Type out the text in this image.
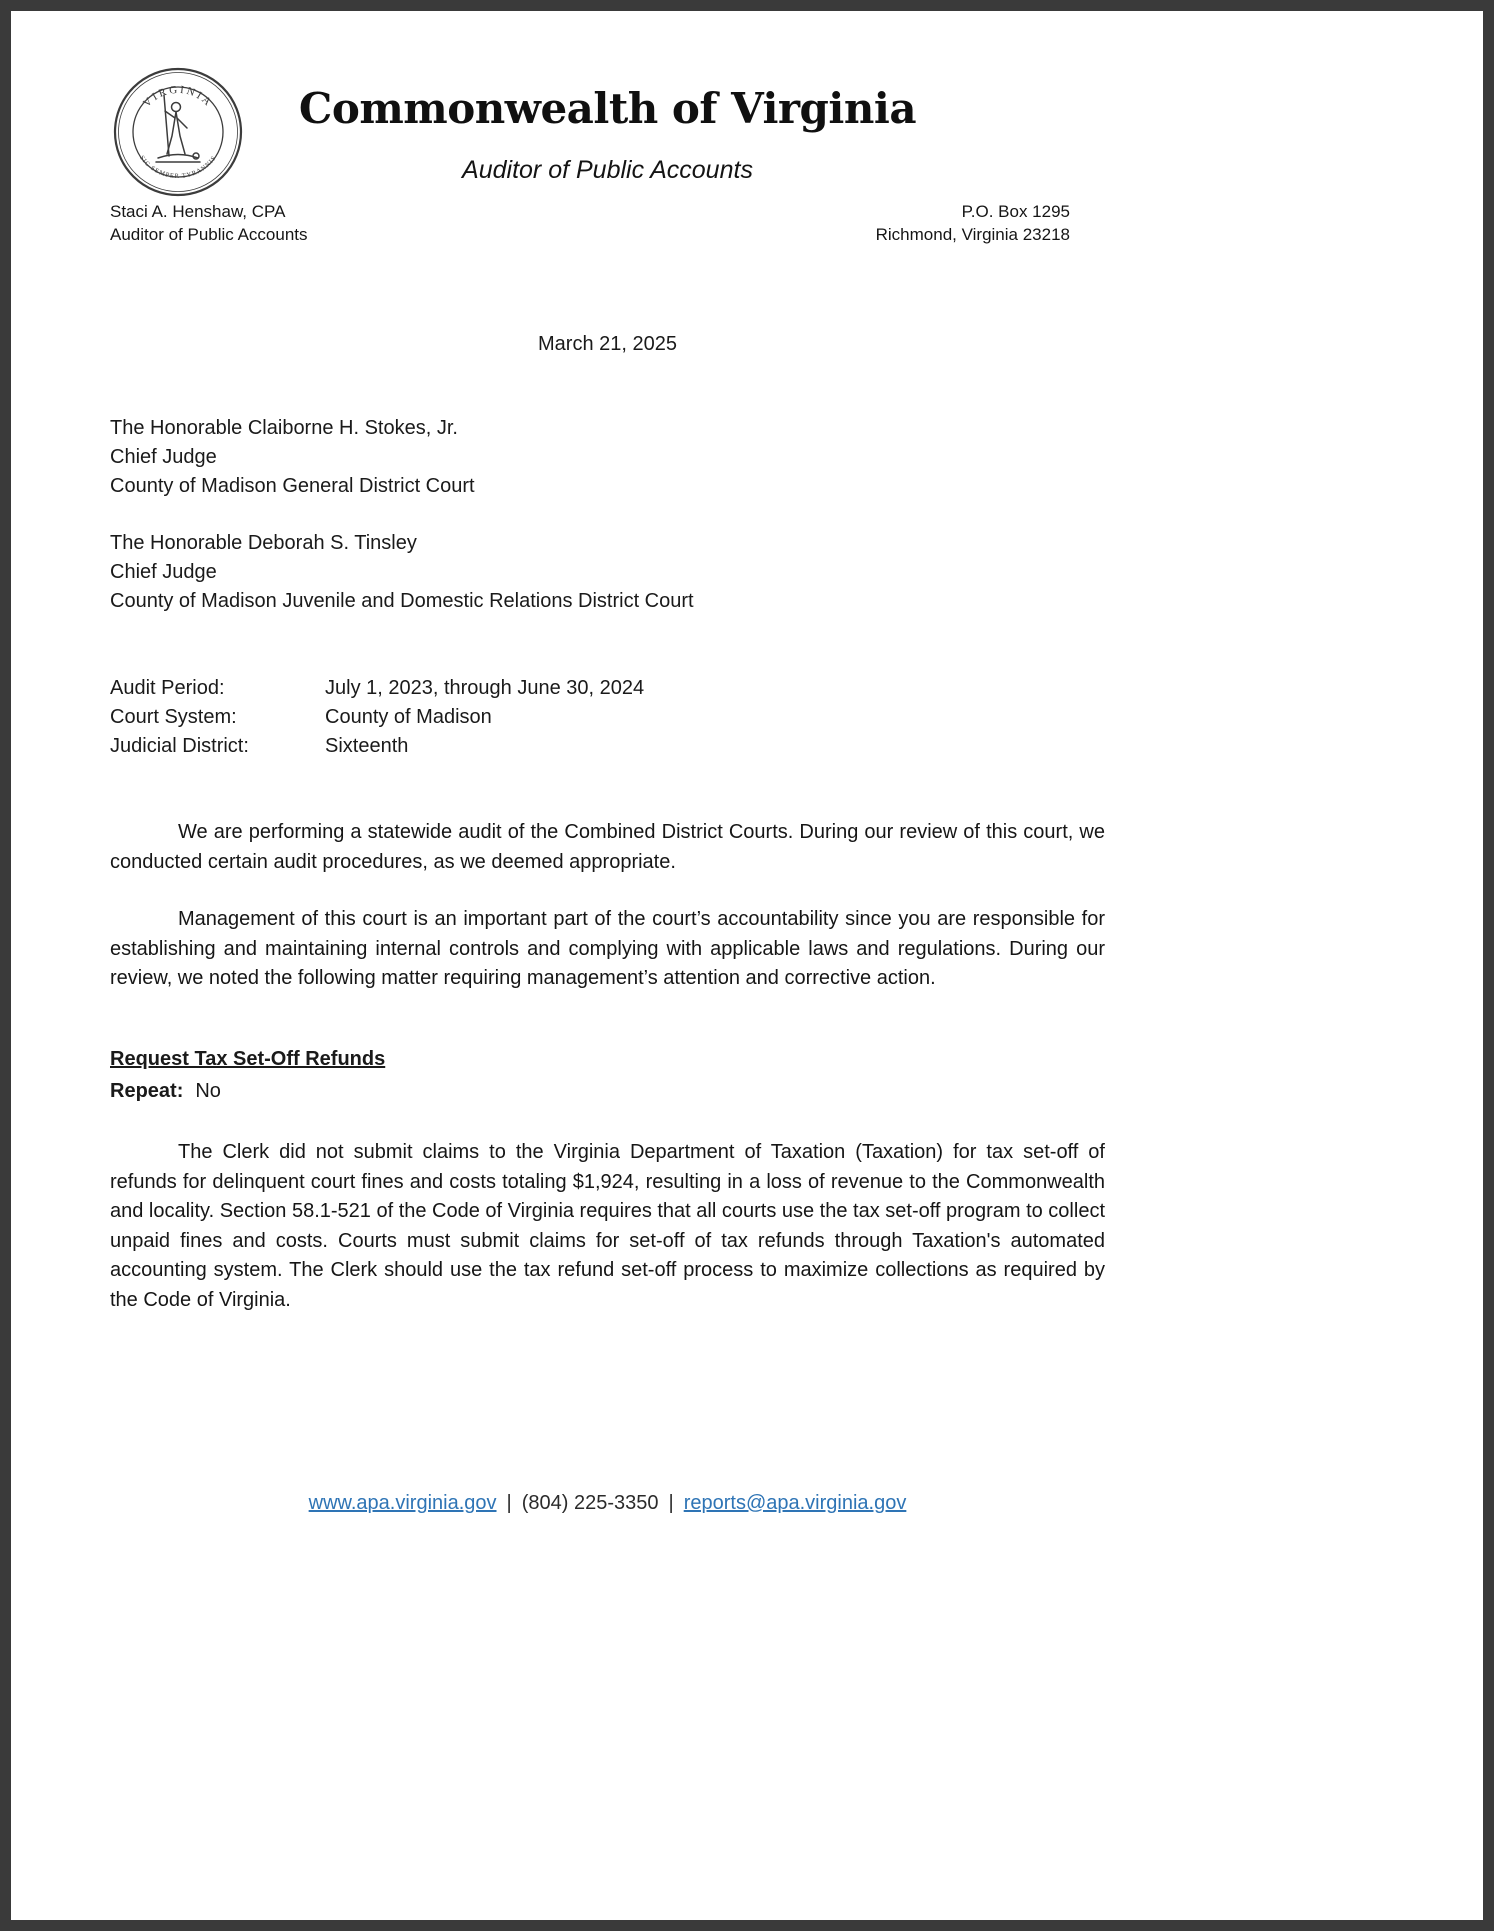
VIRGINIA
SIC SEMPER TYRANNIS
Commonwealth of Virginia
Auditor of Public Accounts
Staci A. Henshaw, CPA
Auditor of Public Accounts
P.O. Box 1295
Richmond, Virginia 23218
March 21, 2025
The Honorable Claiborne H. Stokes, Jr.
Chief Judge
County of Madison General District Court
The Honorable Deborah S. Tinsley
Chief Judge
County of Madison Juvenile and Domestic Relations District Court
Audit Period:	July 1, 2023, through June 30, 2024
Court System:	County of Madison
Judicial District:	Sixteenth
We are performing a statewide audit of the Combined District Courts. During our review of this court, we conducted certain audit procedures, as we deemed appropriate.
Management of this court is an important part of the court’s accountability since you are responsible for establishing and maintaining internal controls and complying with applicable laws and regulations. During our review, we noted the following matter requiring management’s attention and corrective action.
Request Tax Set-Off Refunds
Repeat: No
The Clerk did not submit claims to the Virginia Department of Taxation (Taxation) for tax set-off of refunds for delinquent court fines and costs totaling $1,924, resulting in a loss of revenue to the Commonwealth and locality. Section 58.1-521 of the Code of Virginia requires that all courts use the tax set-off program to collect unpaid fines and costs. Courts must submit claims for set-off of tax refunds through Taxation's automated accounting system. The Clerk should use the tax refund set-off process to maximize collections as required by the Code of Virginia.
www.apa.virginia.gov | (804) 225-3350 | reports@apa.virginia.gov
